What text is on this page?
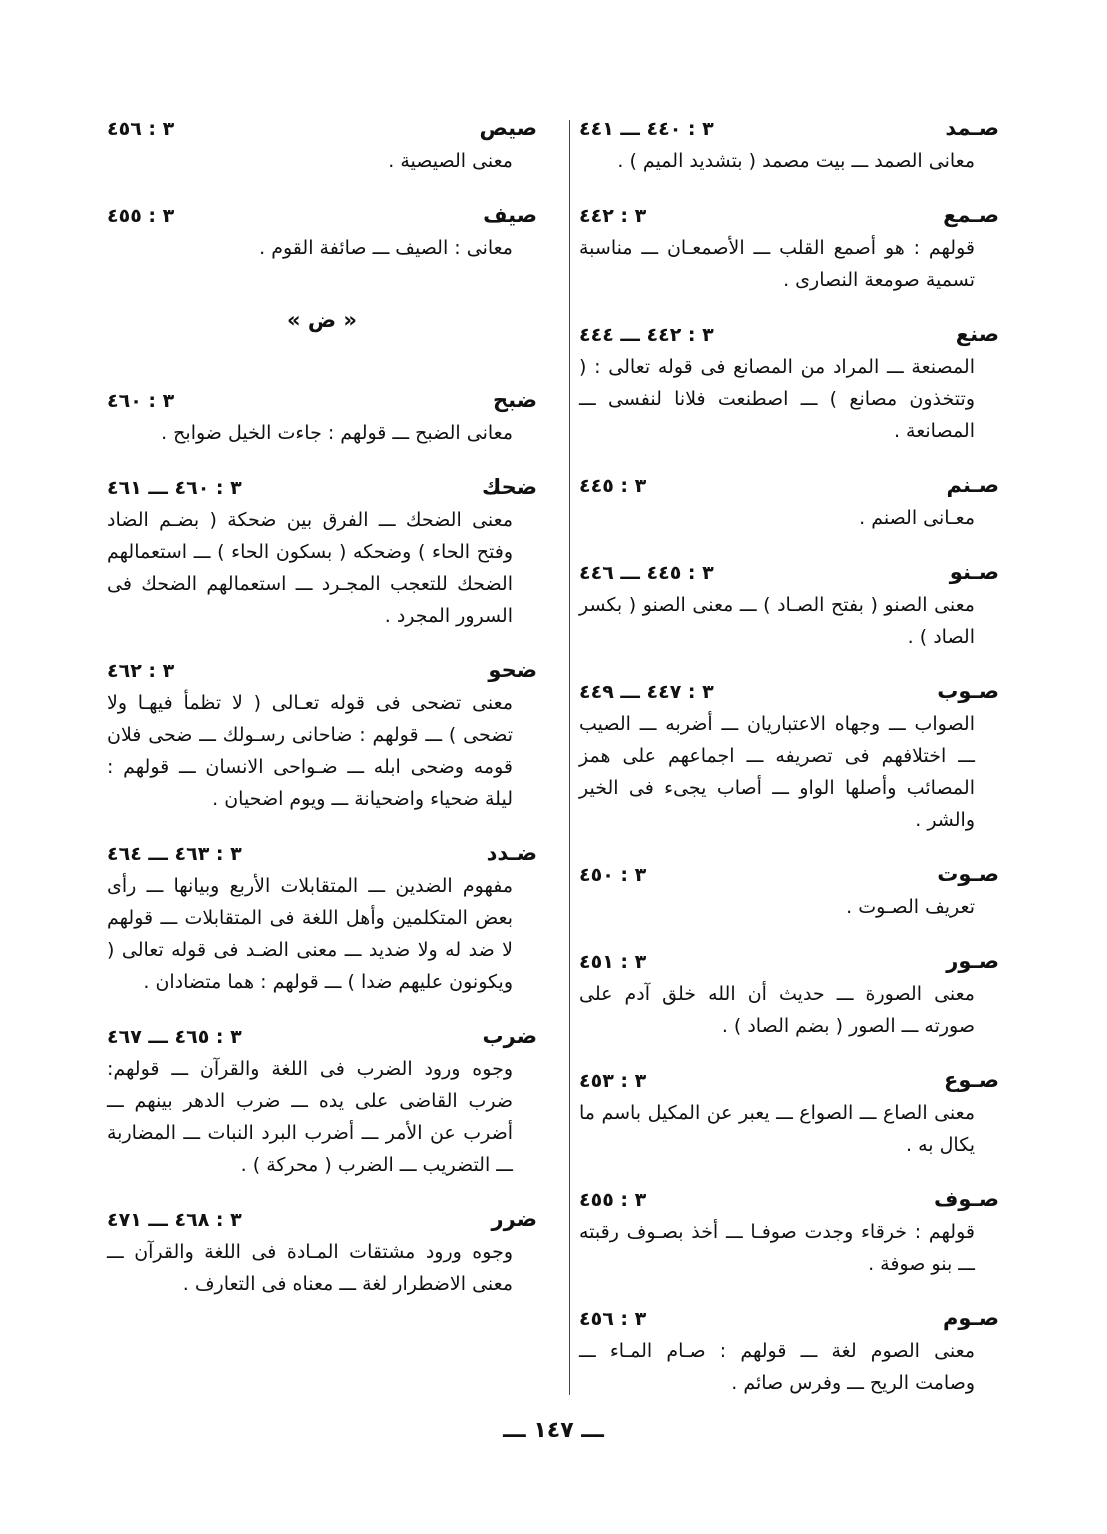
صـمد
٣ : ٤٤٠ ـــ ٤٤١
معانى الصمد ـــ بيت مصمد ( بتشديد الميم ) .
صـمع
٣ : ٤٤٢
قولهم : هو أصمع القلب ـــ الأصمعـان ـــ مناسبة تسمية صومعة النصارى .
صنع
٣ : ٤٤٢ ـــ ٤٤٤
المصنعة ـــ المراد من المصانع فى قوله تعالى : ( وتتخذون مصانع ) ـــ اصطنعت فلانا لنفسى ـــ المصانعة .
صـنم
٣ : ٤٤٥
معـانى الصنم .
صـنو
٣ : ٤٤٥ ـــ ٤٤٦
معنى الصنو ( بفتح الصـاد ) ـــ معنى الصنو ( بكسر الصاد ) .
صـوب
٣ : ٤٤٧ ـــ ٤٤٩
الصواب ـــ وجهاه الاعتباريان ـــ أضربه ـــ الصيب ـــ اختلافهم فى تصريفه ـــ اجماعهم على همز المصائب وأصلها الواو ـــ أصاب يجىء فى الخير والشر .
صـوت
٣ : ٤٥٠
تعريف الصـوت .
صـور
٣ : ٤٥١
معنى الصورة ـــ حديث أن الله خلق آدم على صورته ـــ الصور ( بضم الصاد ) .
صـوع
٣ : ٤٥٣
معنى الصاع ـــ الصواع ـــ يعبر عن المكيل باسم ما يكال به .
صـوف
٣ : ٤٥٥
قولهم : خرقاء وجدت صوفـا ـــ أخذ بصـوف رقبته ـــ بنو صوفة .
صـوم
٣ : ٤٥٦
معنى الصوم لغة ـــ قولهم : صـام المـاء ـــ وصامت الريح ـــ وفرس صائم .
صيص
٣ : ٤٥٦
معنى الصيصية .
صيف
٣ : ٤٥٥
معانى : الصيف ـــ صائفة القوم .
« ض »
ضبح
٣ : ٤٦٠
معانى الضبح ـــ قولهم : جاءت الخيل ضوابح .
ضحك
٣ : ٤٦٠ ـــ ٤٦١
معنى الضحك ـــ الفرق بين ضحكة ( بضـم الضاد وفتح الحاء ) وضحكه ( بسكون الحاء ) ـــ استعمالهم الضحك للتعجب المجـرد ـــ استعمالهم الضحك فى السرور المجرد .
ضحو
٣ : ٤٦٢
معنى تضحى فى قوله تعـالى ( لا تظمأ فيهـا ولا تضحى ) ـــ قولهم : ضاحانى رسـولك ـــ ضحى فلان قومه وضحى ابله ـــ ضـواحى الانسان ـــ قولهم : ليلة ضحياء واضحيانة ـــ ويوم اضحيان .
ضـدد
٣ : ٤٦٣ ـــ ٤٦٤
مفهوم الضدين ـــ المتقابلات الأربع وبيانها ـــ رأى بعض المتكلمين وأهل اللغة فى المتقابلات ـــ قولهم لا ضد له ولا ضديد ـــ معنى الضـد فى قوله تعالى ( ويكونون عليهم ضدا ) ـــ قولهم : هما متضادان .
ضرب
٣ : ٤٦٥ ـــ ٤٦٧
وجوه ورود الضرب فى اللغة والقرآن ـــ قولهم: ضرب القاضى على يده ـــ ضرب الدهر بينهم ـــ أضرب عن الأمر ـــ أضرب البرد النبات ـــ المضاربة ـــ التضريب ـــ الضرب ( محركة ) .
ضرر
٣ : ٤٦٨ ـــ ٤٧١
وجوه ورود مشتقات المـادة فى اللغة والقرآن ـــ معنى الاضطرار لغة ـــ معناه فى التعارف .
ـــ ١٤٧ ـــ
